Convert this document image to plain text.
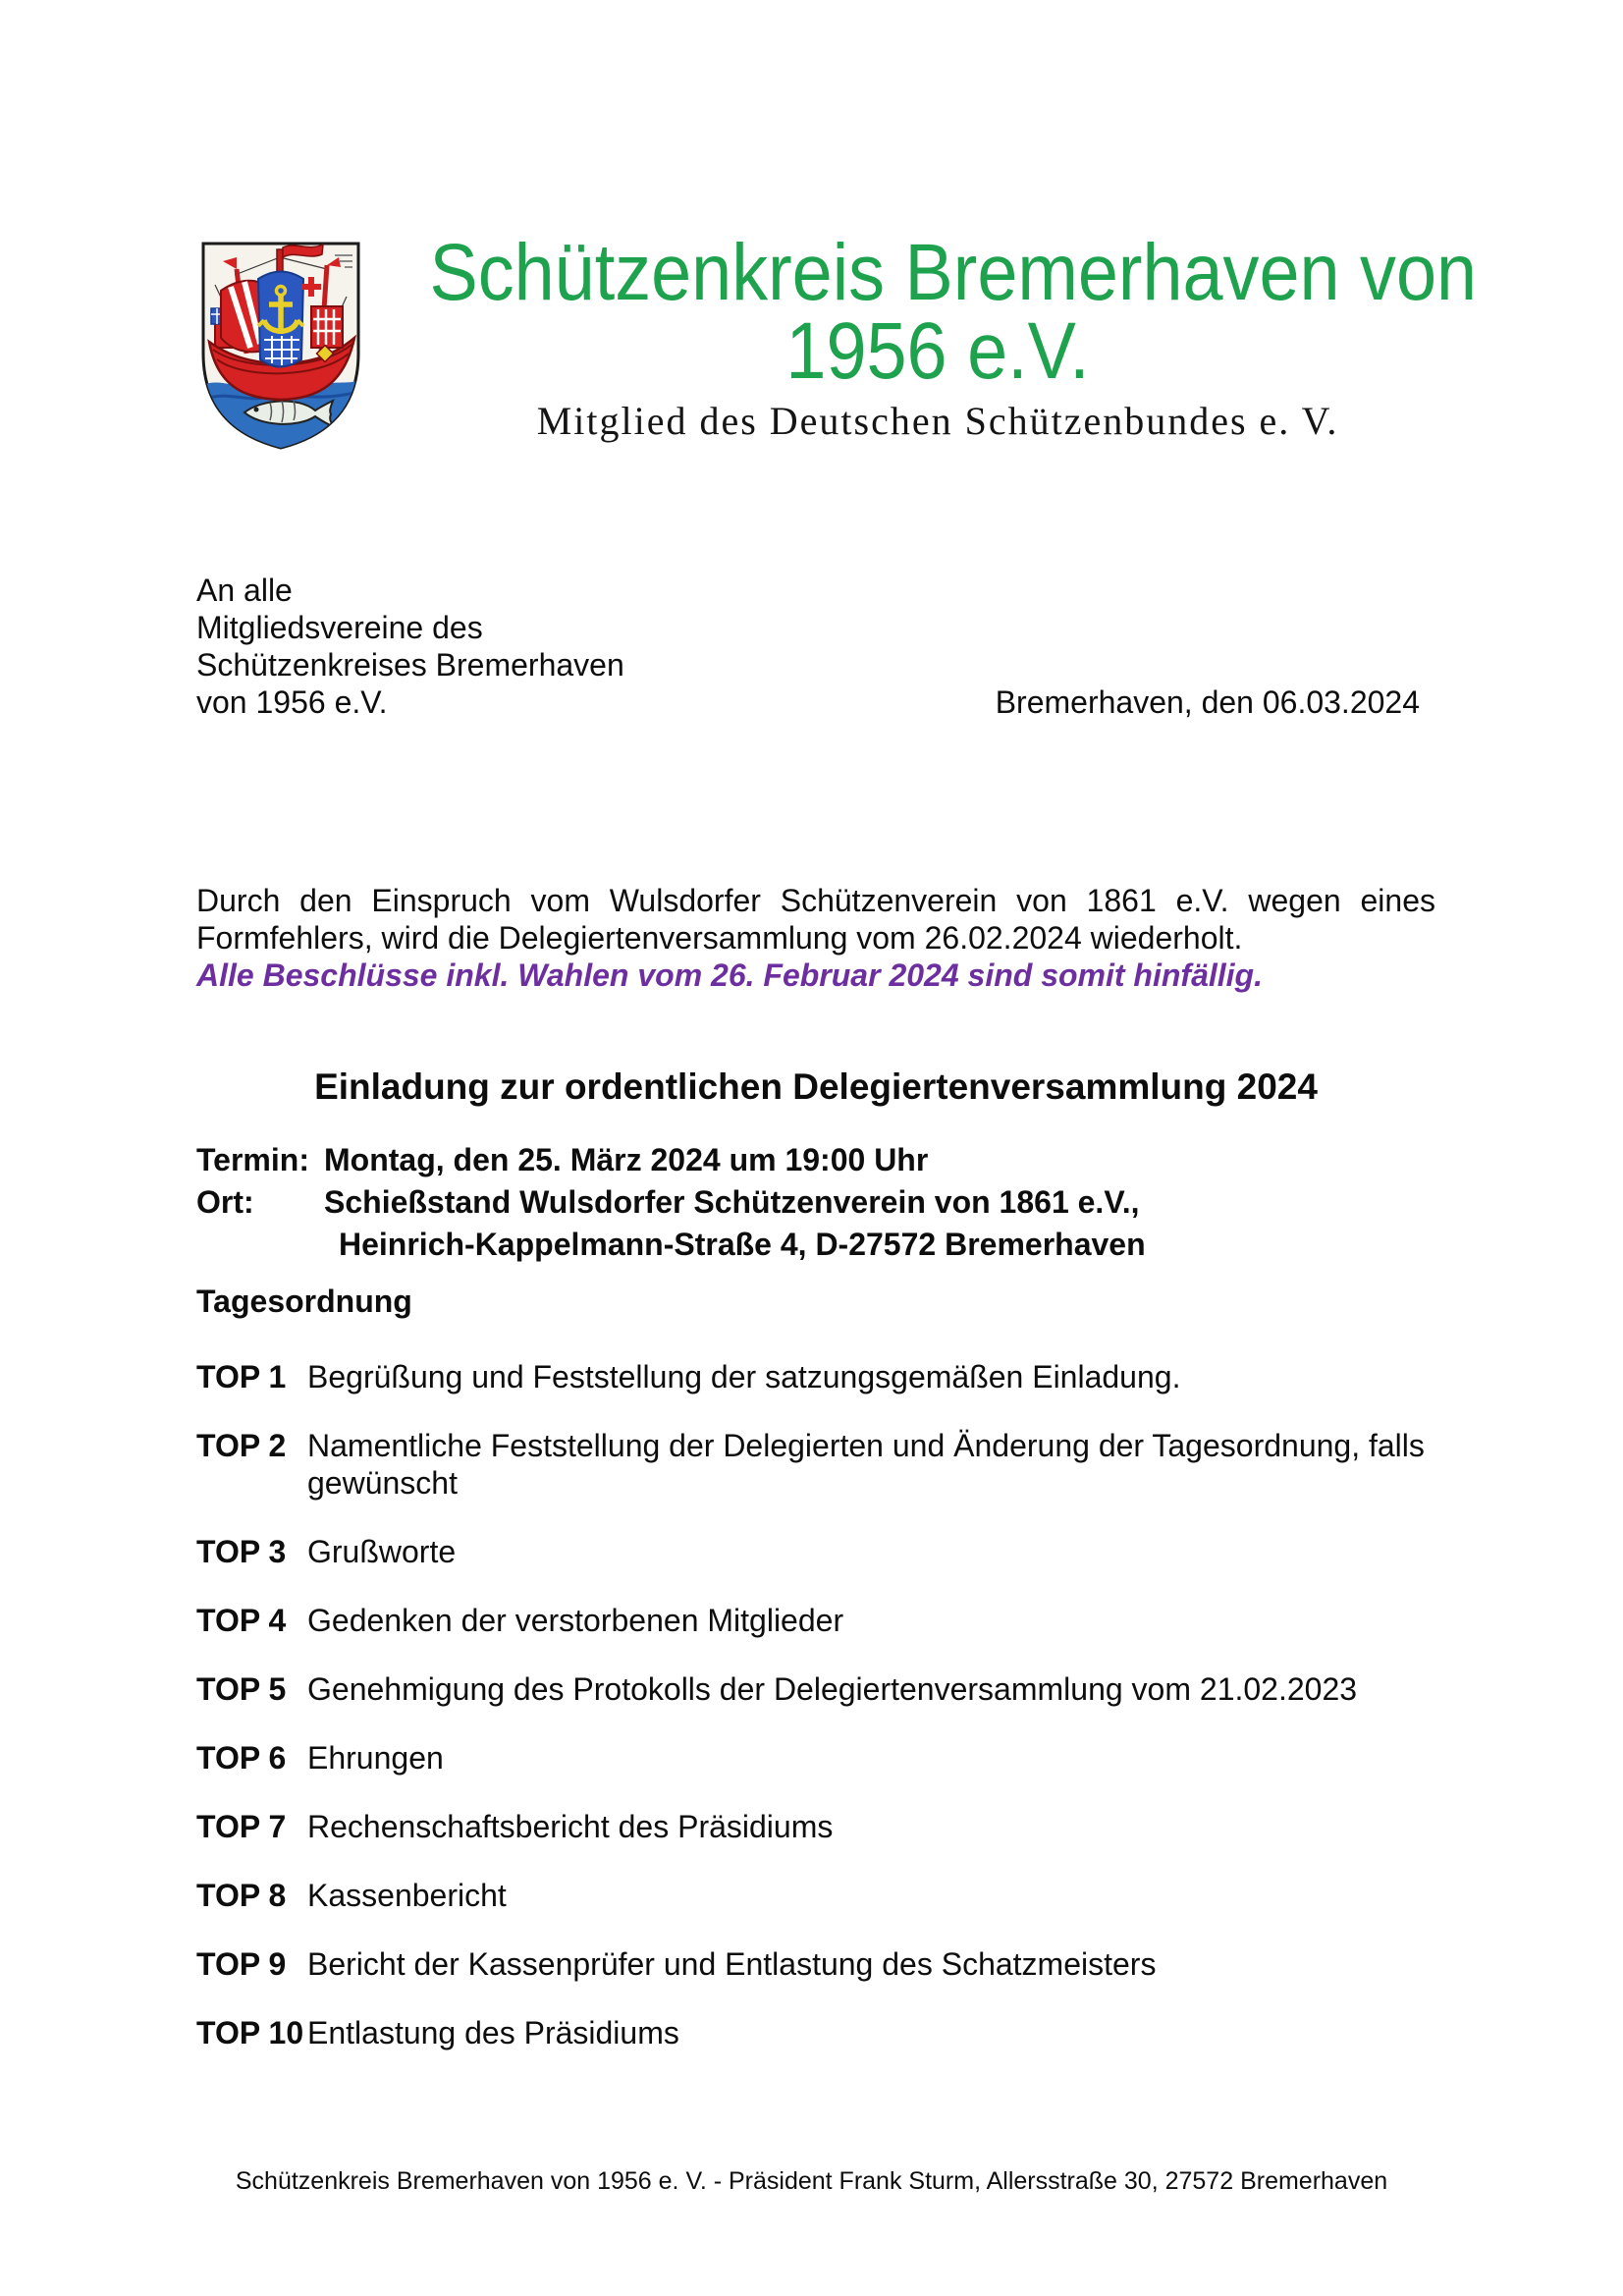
Schützenkreis Bremerhaven von
1956 e.V.
Mitglied des Deutschen Schützenbundes e. V.
An alle
Mitgliedsvereine des
Schützenkreises Bremerhaven
von 1956 e.V.	Bremerhaven, den 06.03.2024

Durch den Einspruch vom Wulsdorfer Schützenverein von 1861 e.V. wegen eines Formfehlers, wird die Delegiertenversammlung vom 26.02.2024 wiederholt.

Alle Beschlüsse inkl. Wahlen vom 26. Februar 2024 sind somit hinfällig.

Einladung zur ordentlichen Delegiertenversammlung 2024
Termin: Montag, den 25. März 2024 um 19:00 Uhr
Ort:	Schießstand Wulsdorfer Schützenverein von 1861 e.V.,
Heinrich-Kappelmann-Straße 4, D-27572 Bremerhaven
Tagesordnung
TOP 1 Begrüßung und Feststellung der satzungsgemäßen Einladung.
TOP 2 Namentliche Feststellung der Delegierten und Änderung der Tagesordnung, falls gewünscht
TOP 3 Grußworte
TOP 4 Gedenken der verstorbenen Mitglieder
TOP 5 Genehmigung des Protokolls der Delegiertenversammlung vom 21.02.2023
TOP 6 Ehrungen
TOP 7 Rechenschaftsbericht des Präsidiums
TOP 8 Kassenbericht
TOP 9 Bericht der Kassenprüfer und Entlastung des Schatzmeisters
TOP 10 Entlastung des Präsidiums
Schützenkreis Bremerhaven von 1956 e. V. - Präsident Frank Sturm, Allersstraße 30, 27572 Bremerhaven
